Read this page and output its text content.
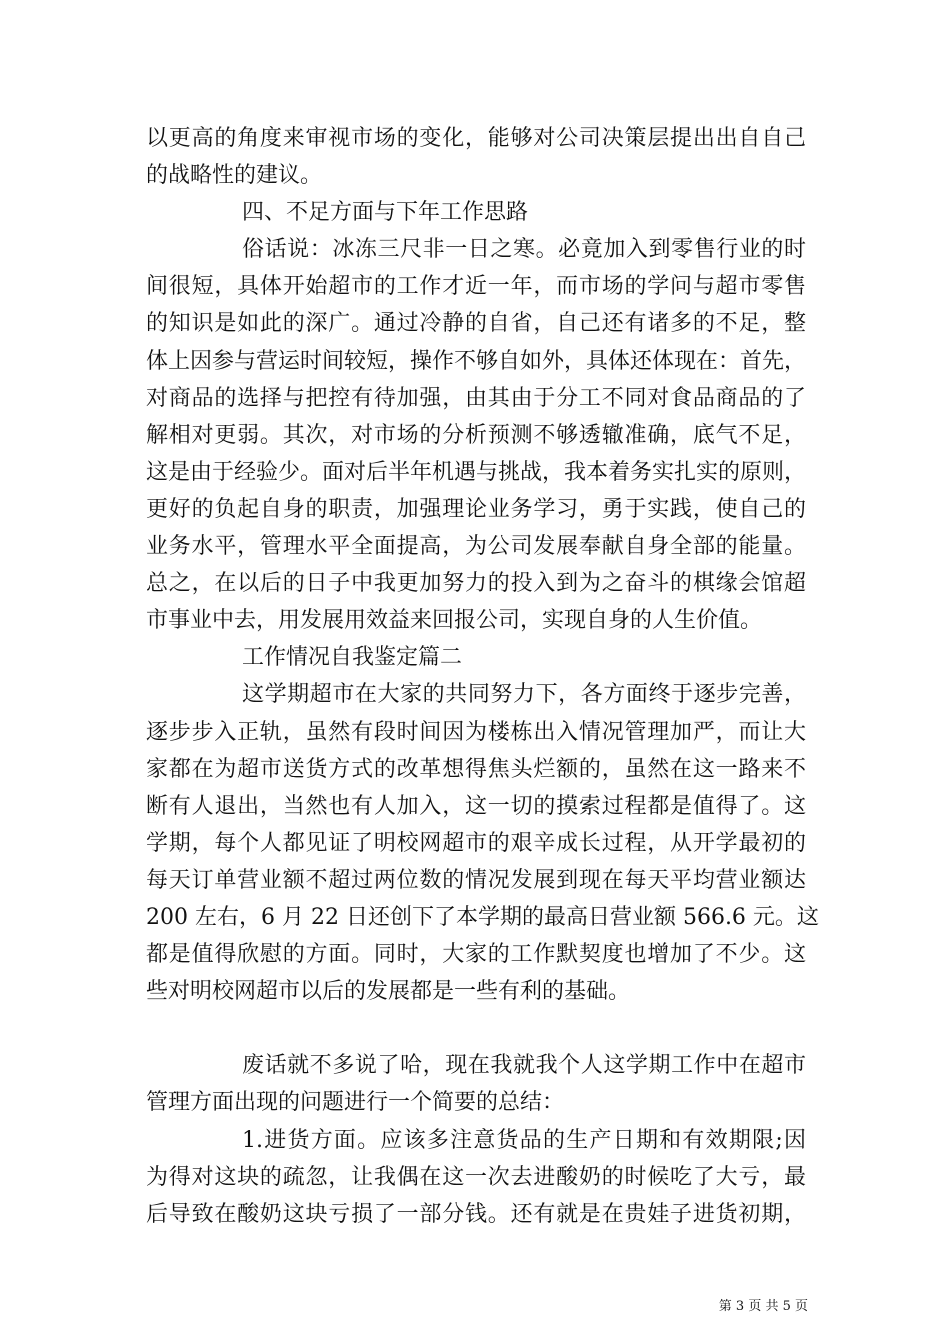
以更高的角度来审视市场的变化，能够对公司决策层提出出自自己
的战略性的建议。
四、不足方面与下年工作思路
俗话说：冰冻三尺非一日之寒。必竟加入到零售行业的时
间很短，具体开始超市的工作才近一年，而市场的学问与超市零售
的知识是如此的深广。通过冷静的自省，自己还有诸多的不足，整
体上因参与营运时间较短，操作不够自如外，具体还体现在：首先，
对商品的选择与把控有待加强，由其由于分工不同对食品商品的了
解相对更弱。其次，对市场的分析预测不够透辙准确，底气不足，
这是由于经验少。面对后半年机遇与挑战，我本着务实扎实的原则，
更好的负起自身的职责，加强理论业务学习，勇于实践，使自己的
业务水平，管理水平全面提高，为公司发展奉献自身全部的能量。
总之，在以后的日子中我更加努力的投入到为之奋斗的棋缘会馆超
市事业中去，用发展用效益来回报公司，实现自身的人生价值。
工作情况自我鉴定篇二
这学期超市在大家的共同努力下，各方面终于逐步完善，
逐步步入正轨，虽然有段时间因为楼栋出入情况管理加严，而让大
家都在为超市送货方式的改革想得焦头烂额的，虽然在这一路来不
断有人退出，当然也有人加入，这一切的摸索过程都是值得了。这
学期，每个人都见证了明校网超市的艰辛成长过程，从开学最初的
每天订单营业额不超过两位数的情况发展到现在每天平均营业额达
200 左右，6 月 22 日还创下了本学期的最高日营业额 566.6 元。这
都是值得欣慰的方面。同时，大家的工作默契度也增加了不少。这
些对明校网超市以后的发展都是一些有利的基础。
废话就不多说了哈，现在我就我个人这学期工作中在超市
管理方面出现的问题进行一个简要的总结：
1.进货方面。应该多注意货品的生产日期和有效期限;因
为得对这块的疏忽，让我偶在这一次去进酸奶的时候吃了大亏，最
后导致在酸奶这块亏损了一部分钱。还有就是在贵娃子进货初期，
第 3 页 共 5 页
